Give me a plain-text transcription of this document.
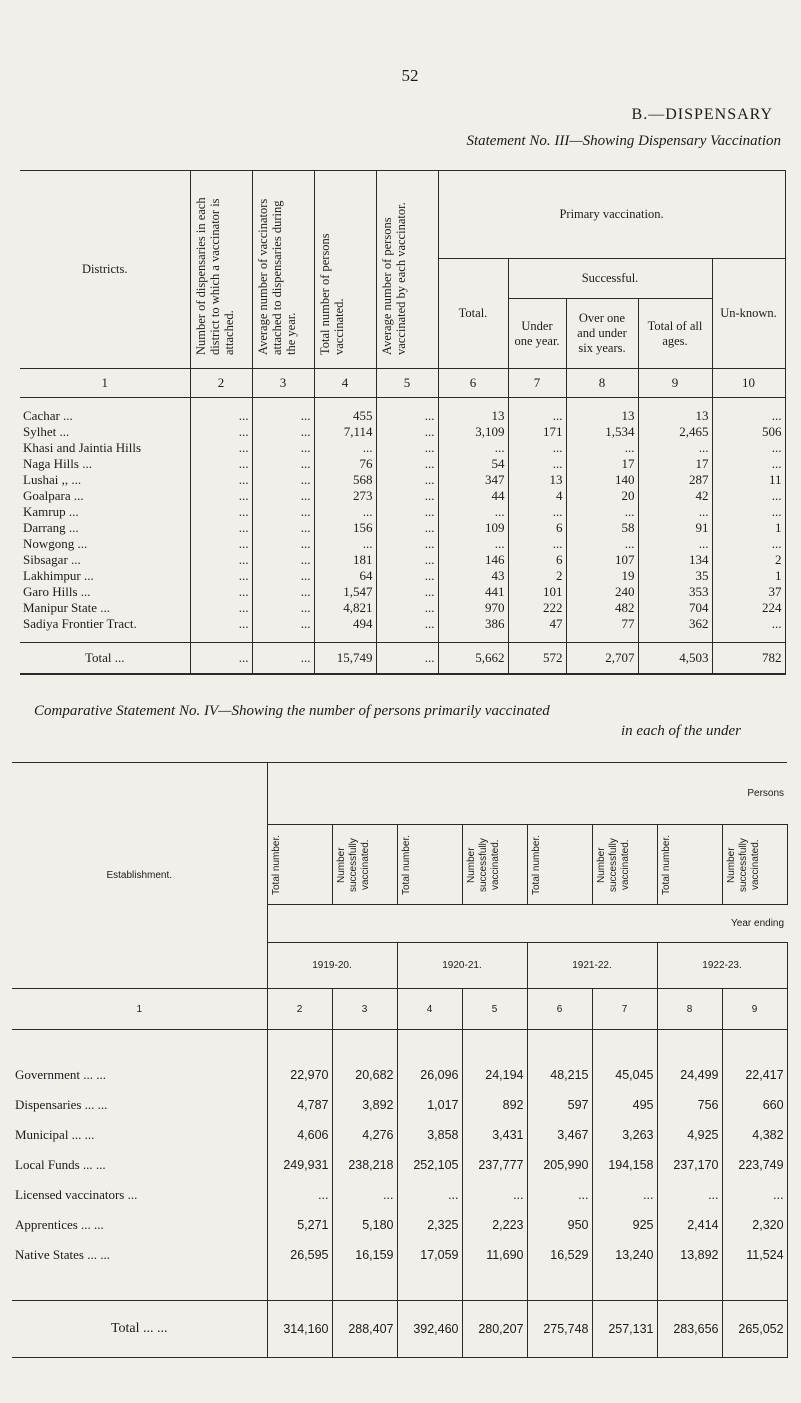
52
B.—DISPENSARY
Statement No. III—Showing Dispensary Vaccination
Districts.	Number of dispensaries in each district to which a vaccinator is attached.	Average number of vaccinators attached to dispensaries during the year.	Total number of persons vaccinated.	Average number of persons vaccinated by each vaccinator.	Primary vaccination.				
					Total.	Successful.			Un-known.
						Under one year.	Over one and under six years.	Total of all ages.	
1	2	3	4	5	6	7	8	9	10

Cachar ...	...	...	455	...	13	...	13	13	...
Sylhet ...	...	...	7,114	...	3,109	171	1,534	2,465	506
Khasi and Jaintia Hills	...	...	...	...	...	...	...	...	...
Naga Hills ...	...	...	76	...	54	...	17	17	...
Lushai ,, ...	...	...	568	...	347	13	140	287	11
Goalpara ...	...	...	273	...	44	4	20	42	...
Kamrup ...	...	...	...	...	...	...	...	...	...
Darrang ...	...	...	156	...	109	6	58	91	1
Nowgong ...	...	...	...	...	...	...	...	...	...
Sibsagar ...	...	...	181	...	146	6	107	134	2
Lakhimpur ...	...	...	64	...	43	2	19	35	1
Garo Hills ...	...	...	1,547	...	441	101	240	353	37
Manipur State ...	...	...	4,821	...	970	222	482	704	224
Sadiya Frontier Tract.	...	...	494	...	386	47	77	362	...

Total ...	...	...	15,749	...	5,662	572	2,707	4,503	782
Comparative Statement No. IV—Showing the number of persons primarily vaccinated
in each of the under
Establishment.	Persons							

	Total number.	Number successfully vaccinated.	Total number.	Number successfully vaccinated.	Total number.	Number successfully vaccinated.	Total number.	Number successfully vaccinated.

	Year ending							
	1919-20.		1920-21.		1921-22.		1922-23.	
1	2	3	4	5	6	7	8	9

Government ... ...	22,970	20,682	26,096	24,194	48,215	45,045	24,499	22,417
Dispensaries ... ...	4,787	3,892	1,017	892	597	495	756	660
Municipal ... ...	4,606	4,276	3,858	3,431	3,467	3,263	4,925	4,382
Local Funds ... ...	249,931	238,218	252,105	237,777	205,990	194,158	237,170	223,749
Licensed vaccinators ...	...	...	...	...	...	...	...	...
Apprentices ... ...	5,271	5,180	2,325	2,223	950	925	2,414	2,320
Native States ... ...	26,595	16,159	17,059	11,690	16,529	13,240	13,892	11,524

Total ... ...	314,160	288,407	392,460	280,207	275,748	257,131	283,656	265,052
